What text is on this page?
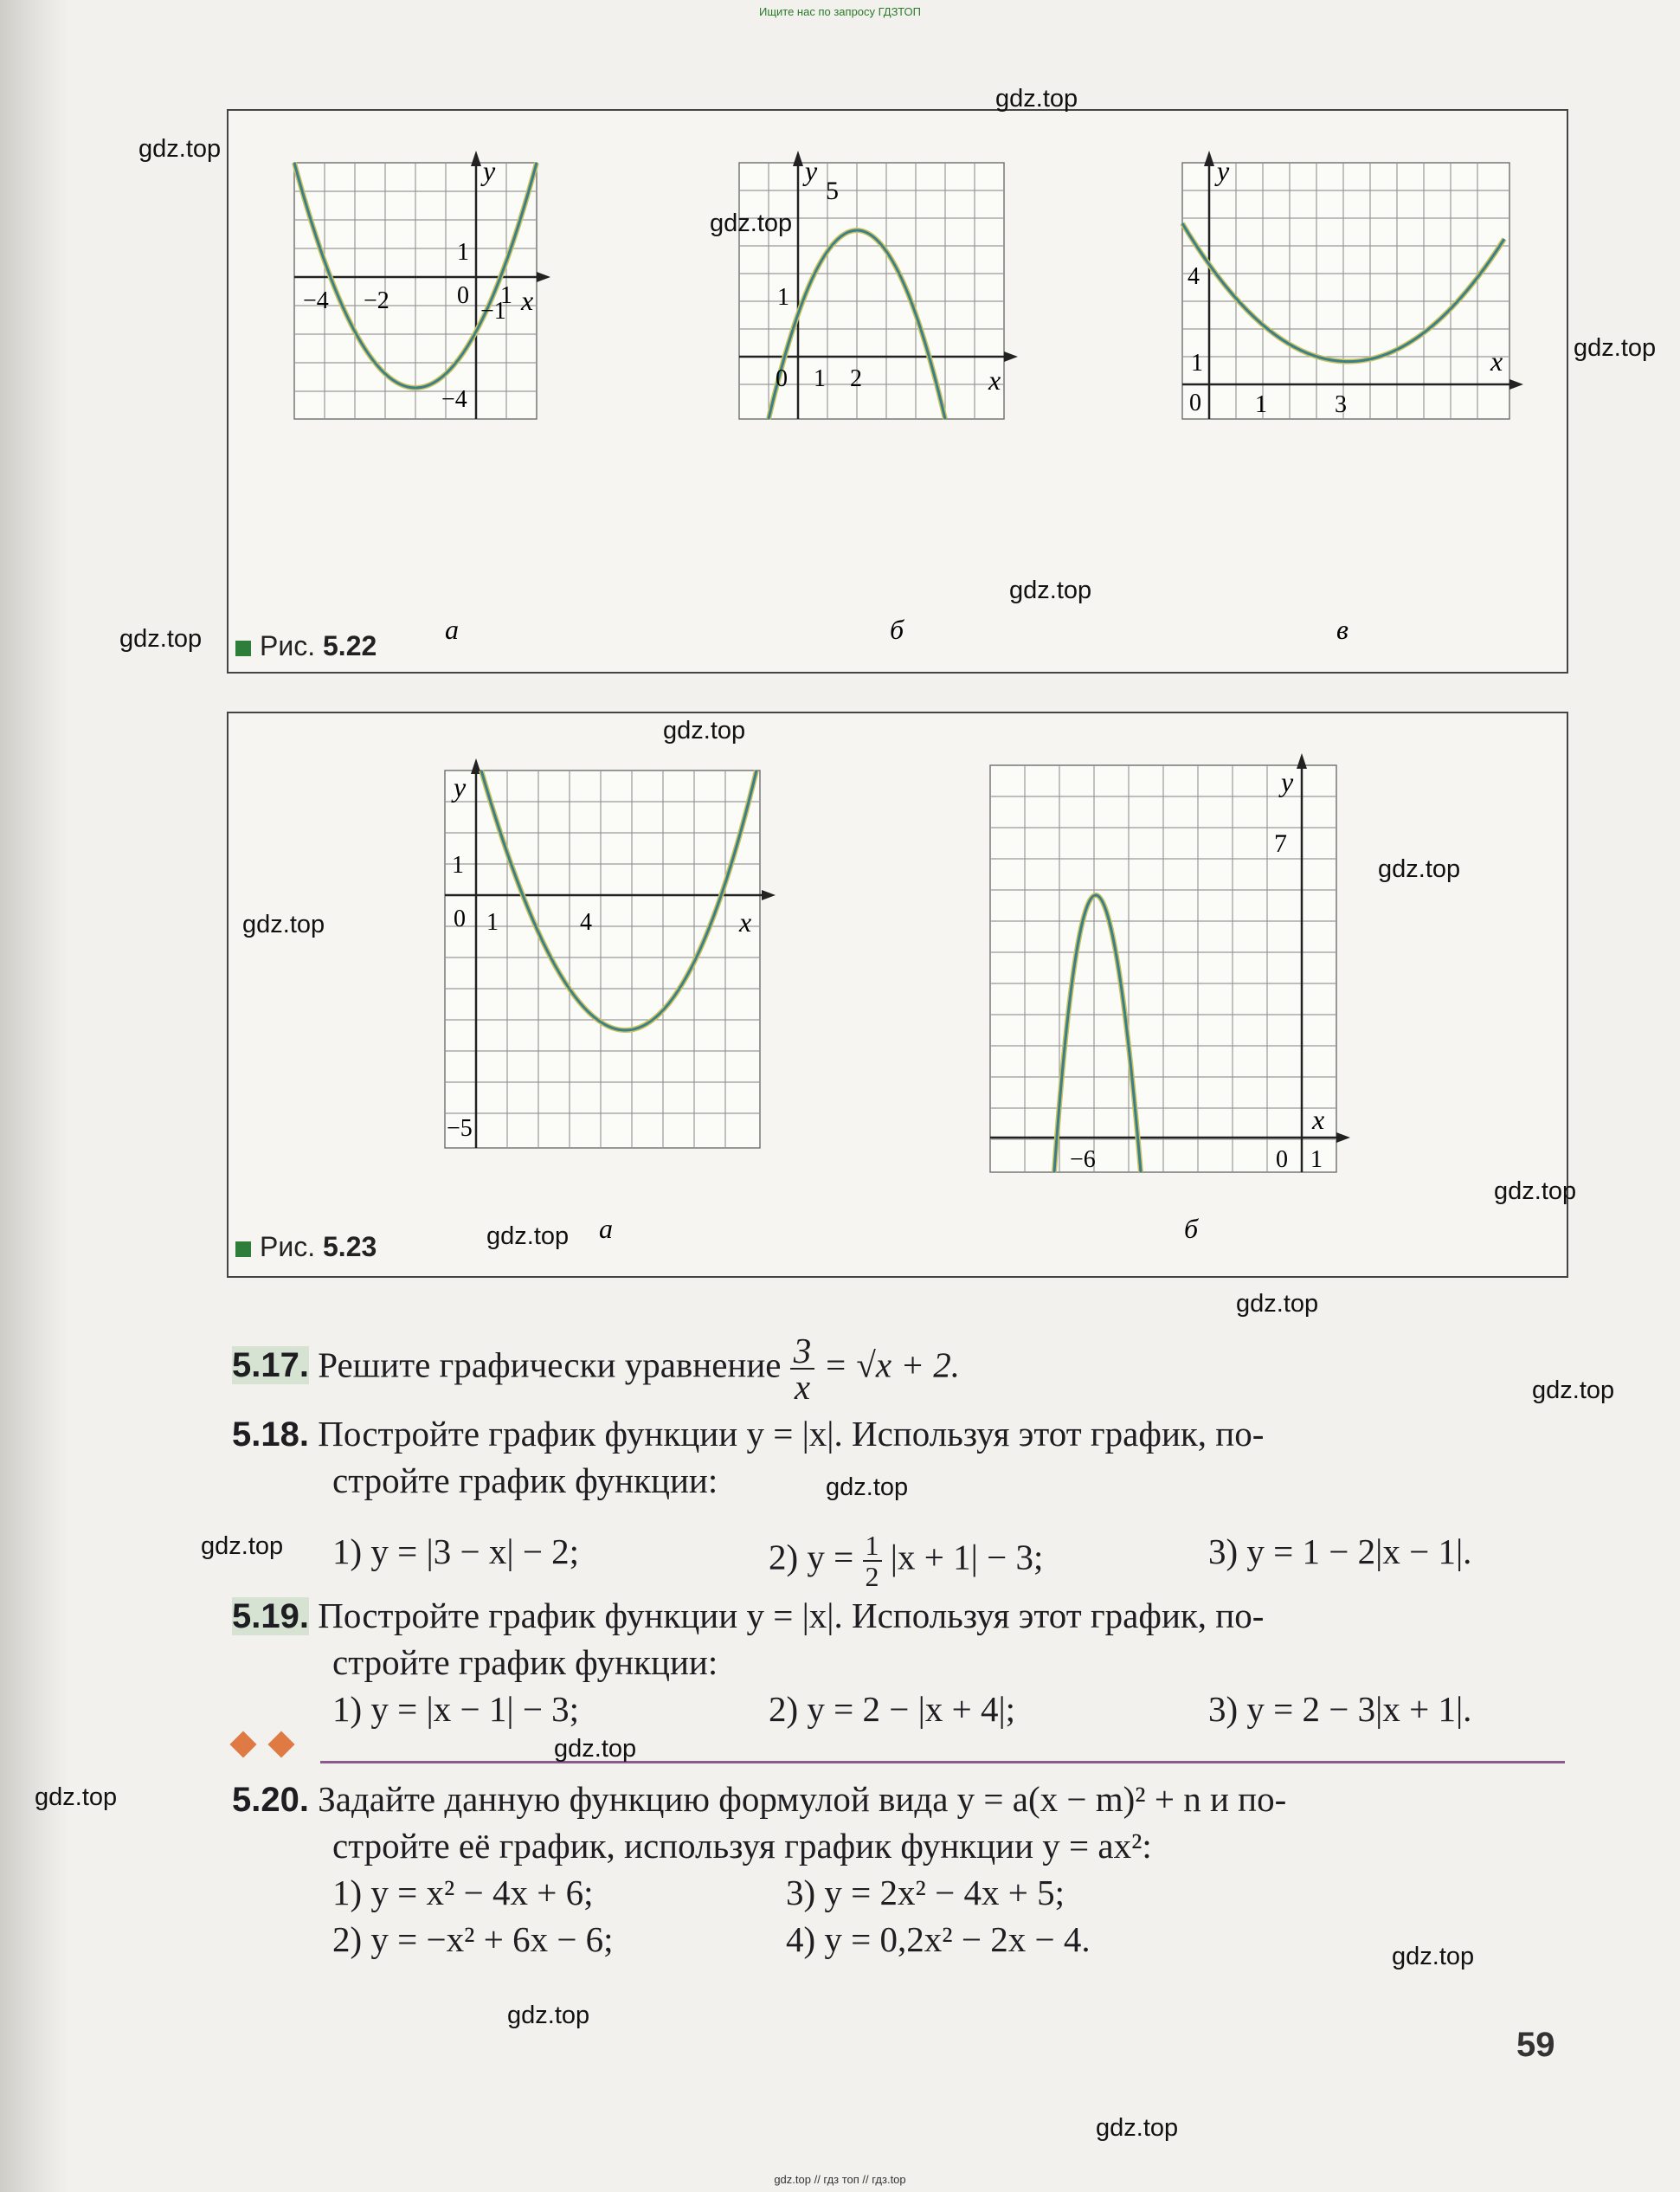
Ищите нас по запросу ГДЗТОП
y
x
−4 −2	0 1
1
−1
−4
y
x
5
1
0 1 2
y
x
4
1
0 1	3
а	б	в
Рис. 5.22
y
x
1
0 1	4
−5
y
x
7
−6	0 1
а	б
Рис. 5.23
5.17. Решите графически уравнение $\frac{3}{x} = √x + 2$.
5.18. Постройте график функции y = |x|. Используя этот график, по-
стройте график функции:
1) y = |3 − x| − 2;	2) $y = \frac{1}{2} |x + 1| - 3$;	3) y = 1 − 2|x − 1|.
5.19. Постройте график функции y = |x|. Используя этот график, по-
стройте график функции:
1) y = |x − 1| − 3;	2) y = 2 − |x + 4|;	3) y = 2 − 3|x + 1|.
5.20. Задайте данную функцию формулой вида y = a(x − m)² + n и по-
стройте её график, используя график функции y = ax²:
1) y = x² − 4x + 6;	3) y = 2x² − 4x + 5;
2) y = −x² + 6x − 6;	4) y = 0,2x² − 2x − 4.
59
gdz.top
gdz.top
gdz.top
gdz.top
gdz.top
gdz.top
gdz.top
gdz.top
gdz.top
gdz.top
gdz.top
gdz.top
gdz.top
gdz.top
gdz.top
gdz.top
gdz.top
gdz.top
gdz.top
gdz.top
gdz.top // гдз топ // гдз.top
